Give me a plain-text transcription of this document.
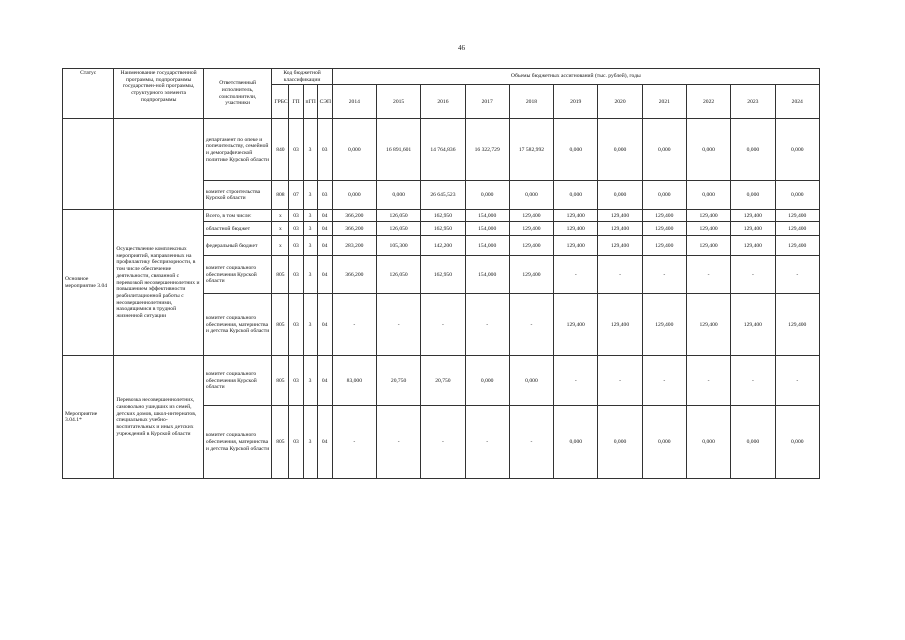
46
Статус	Наименование государственной программы, подпрограммы государствен-ной программы, структурного элемента подпрограммы	Ответственный исполнитель, соисполнители, участники	Код бюджетной классификации				Объемы бюджетных ассигнований (тыс. рублей), годы										
			ГРБС	ГП	пГП	СЭП	2014	2015	2016	2017	2018	2019	2020	2021	2022	2023	2024
		департамент по опеке и попечительству, семейной и демографической политике Курской области	840	03	3	03	0,000	16 891,601	14 764,836	16 322,729	17 582,992	0,000	0,000	0,000	0,000	0,000	0,000
		комитет строительства Курской области	808	07	3	03	0,000	0,000	26 645,523	0,000	0,000	0,000	0,000	0,000	0,000	0,000	0,000
Основное мероприятие 3.04	Осуществление комплексных мероприятий, направленных на профилактику беспризорности, в том числе обеспечение деятельности, связанной с перевозкой несовершеннолетних и повышением эффективности реабилитационной работы с несовершеннолетними, находящимися в трудной жизненной ситуации	Всего, в том числе:	х	03	3	04	366,200	126,050	162,950	154,000	129,400	129,400	129,400	129,400	129,400	129,400	129,400
		областной бюджет	х	03	3	04	366,200	126,050	162,950	154,000	129,400	129,400	129,400	129,400	129,400	129,400	129,400
		федеральный бюджет	х	03	3	04	283,200	105,300	142,200	154,000	129,400	129,400	129,400	129,400	129,400	129,400	129,400
		комитет социального обеспечения Курской области	805	03	3	04	366,200	126,050	162,950	154,000	129,400	-	-	-	-	-	-
		комитет социального обеспечения, материнства и детства Курской области	805	03	3	04	-	-	-	-	-	129,400	129,400	129,400	129,400	129,400	129,400
Мероприятие 3.04.1*	Перевозка несовершеннолетних, самовольно ушедших из семей, детских домов, школ-интернатов, специальных учебно-воспитательных и иных детских учреждений в Курской области	комитет социального обеспечения Курской области	805	03	3	04	83,000	20,750	20,750	0,000	0,000	-	-	-	-	-	-
		комитет социального обеспечения, материнства и детства Курской области	805	03	3	04	-	-	-	-	-	0,000	0,000	0,000	0,000	0,000	0,000
